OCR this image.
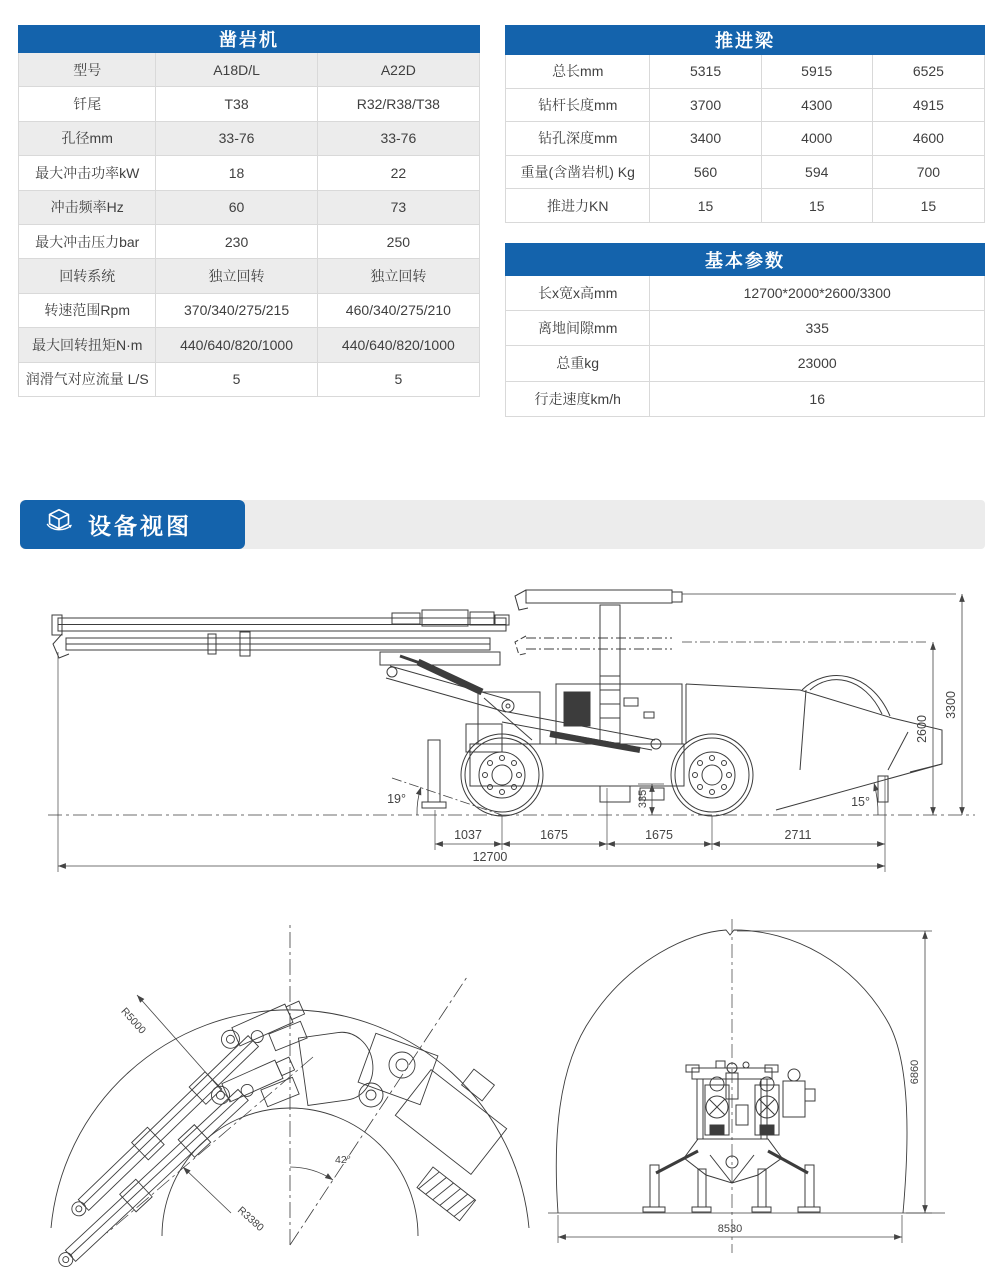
凿岩机
型号	A18D/L	A22D
钎尾	T38	R32/R38/T38
孔径mm	33-76	33-76
最大冲击功率kW	18	22
冲击频率Hz	60	73
最大冲击压力bar	230	250
回转系统	独立回转	独立回转
转速范围Rpm	370/340/275/215	460/340/275/210
最大回转扭矩N·m	440/640/820/1000	440/640/820/1000
润滑气对应流量 L/S	5	5
推进梁
总长mm	5315	5915	6525
钻杆长度mm	3700	4300	4915
钻孔深度mm	3400	4000	4600
重量(含凿岩机) Kg	560	594	700
推进力KN	15	15	15
基本参数
长x宽x高mm	12700*2000*2600/3300
离地间隙mm	335
总重kg	23000
行走速度km/h	16
设备视图
19°	15°
335
2600
3300
1037	1675	1675	2711
12700
42°
R5000
R3380
6860
8530
